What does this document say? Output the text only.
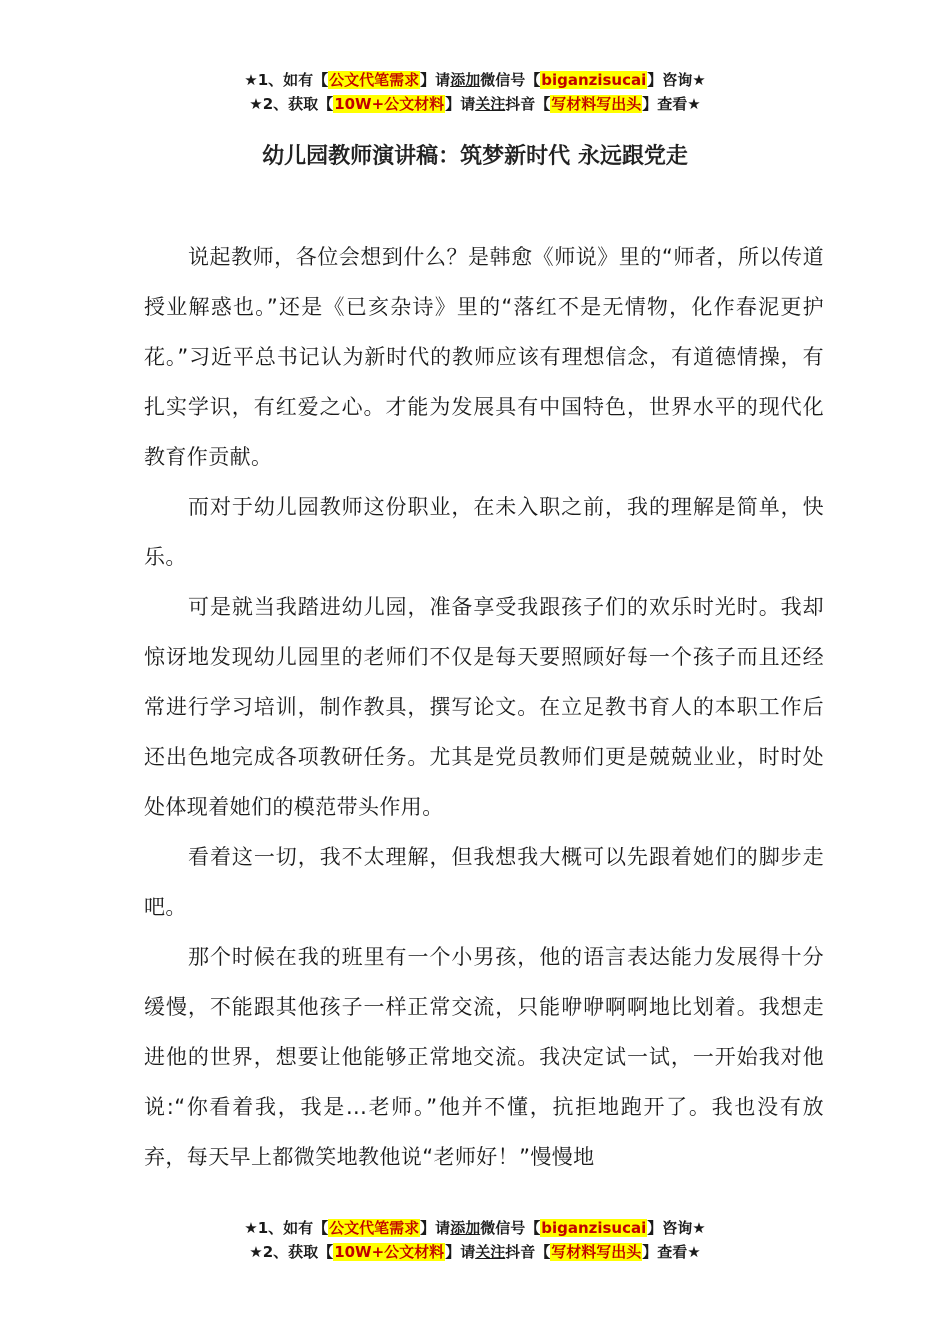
★1、如有【公文代笔需求】请添加微信号【biganzisucai】咨询★
★2、获取【10W+公文材料】请关注抖音【写材料写出头】查看★
幼儿园教师演讲稿：筑梦新时代 永远跟党走

说起教师，各位会想到什么？是韩愈《师说》里的“师者，所以传道授业解惑也。”还是《已亥杂诗》里的“落红不是无情物，化作春泥更护花。”习近平总书记认为新时代的教师应该有理想信念，有道德情操，有扎实学识，有红爱之心。才能为发展具有中国特色，世界水平的现代化教育作贡献。

而对于幼儿园教师这份职业，在未入职之前，我的理解是简单，快乐。

可是就当我踏进幼儿园，准备享受我跟孩子们的欢乐时光时。我却惊讶地发现幼儿园里的老师们不仅是每天要照顾好每一个孩子而且还经常进行学习培训，制作教具，撰写论文。在立足教书育人的本职工作后还出色地完成各项教研任务。尤其是党员教师们更是兢兢业业，时时处处体现着她们的模范带头作用。

看着这一切，我不太理解，但我想我大概可以先跟着她们的脚步走吧。

那个时候在我的班里有一个小男孩，他的语言表达能力发展得十分缓慢，不能跟其他孩子一样正常交流，只能咿咿啊啊地比划着。我想走进他的世界，想要让他能够正常地交流。我决定试一试，一开始我对他说:“你看着我，我是...老师。”他并不懂，抗拒地跑开了。我也没有放弃，每天早上都微笑地教他说“老师好！”慢慢地

★1、如有【公文代笔需求】请添加微信号【biganzisucai】咨询★
★2、获取【10W+公文材料】请关注抖音【写材料写出头】查看★
